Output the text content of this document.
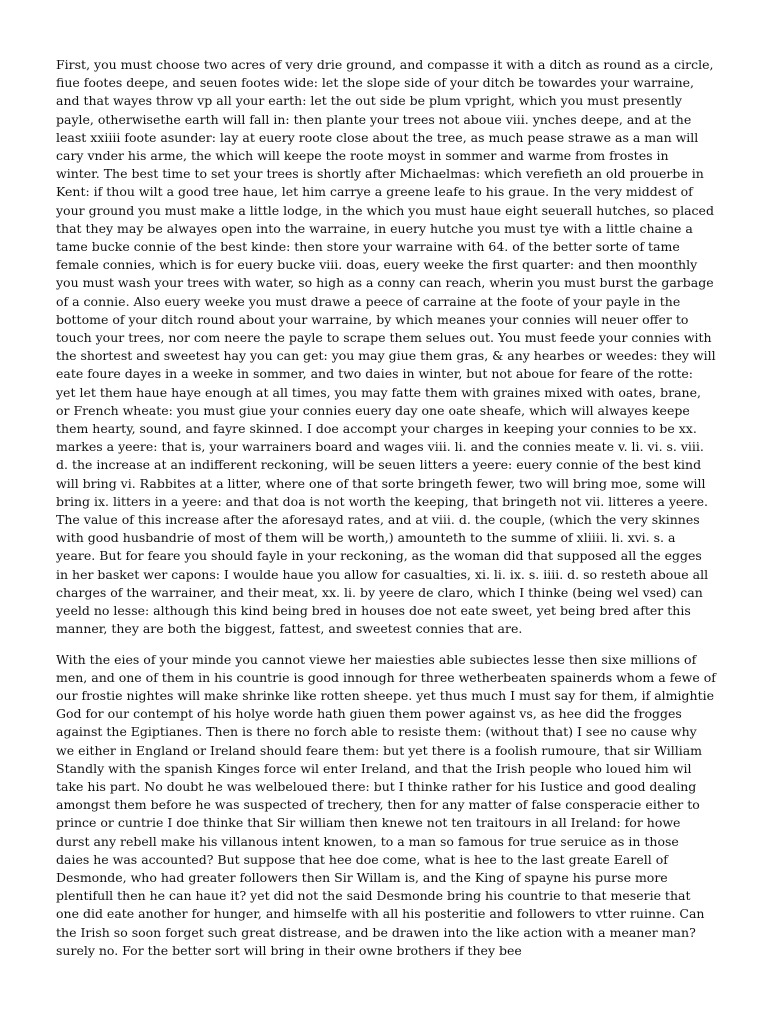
First, you must choose two acres of very drie ground, and compasse it with a ditch as round as a circle, fiue footes deepe, and seuen footes wide: let the slope side of your ditch be towardes your warraine, and that wayes throw vp all your earth: let the out side be plum vpright, which you must presently payle, otherwisethe earth will fall in: then plante your trees not aboue viii. ynches deepe, and at the least xxiiii foote asunder: lay at euery roote close about the tree, as much pease strawe as a man will cary vnder his arme, the which will keepe the roote moyst in sommer and warme from frostes in winter. The best time to set your trees is shortly after Michaelmas: which verefieth an old prouerbe in Kent: if thou wilt a good tree haue, let him carrye a greene leafe to his graue. In the very middest of your ground you must make a little lodge, in the which you must haue eight seuerall hutches, so placed that they may be alwayes open into the warraine, in euery hutche you must tye with a little chaine a tame bucke connie of the best kinde: then store your warraine with 64. of the better sorte of tame female connies, which is for euery bucke viii. doas, euery weeke the first quarter: and then moonthly you must wash your trees with water, so high as a conny can reach, wherin you must burst the garbage of a connie. Also euery weeke you must drawe a peece of carraine at the foote of your payle in the bottome of your ditch round about your warraine, by which meanes your connies will neuer offer to touch your trees, nor com neere the payle to scrape them selues out. You must feede your connies with the shortest and sweetest hay you can get: you may giue them gras, & any hearbes or weedes: they will eate foure dayes in a weeke in sommer, and two daies in winter, but not aboue for feare of the rotte: yet let them haue haye enough at all times, you may fatte them with graines mixed with oates, brane, or French wheate: you must giue your connies euery day one oate sheafe, which will alwayes keepe them hearty, sound, and fayre skinned. I doe accompt your charges in keeping your connies to be xx. markes a yeere: that is, your warrainers board and wages viii. li. and the connies meate v. li. vi. s. viii. d. the increase at an indifferent reckoning, will be seuen litters a yeere: euery connie of the best kind will bring vi. Rabbites at a litter, where one of that sorte bringeth fewer, two will bring moe, some will bring ix. litters in a yeere: and that doa is not worth the keeping, that bringeth not vii. litteres a yeere. The value of this increase after the aforesayd rates, and at viii. d. the couple, (which the very skinnes with good husbandrie of most of them will be worth,) amounteth to the summe of xliiii. li. xvi. s. a yeare. But for feare you should fayle in your reckoning, as the woman did that supposed all the egges in her basket wer capons: I woulde haue you allow for casualties, xi. li. ix. s. iiii. d. so resteth aboue all charges of the warrainer, and their meat, xx. li. by yeere de claro, which I thinke (being wel vsed) can yeeld no lesse: although this kind being bred in houses doe not eate sweet, yet being bred after this manner, they are both the biggest, fattest, and sweetest connies that are.

With the eies of your minde you cannot viewe her maiesties able subiectes lesse then sixe millions of men, and one of them in his countrie is good innough for three wetherbeaten spainerds whom a fewe of our frostie nightes will make shrinke like rotten sheepe. yet thus much I must say for them, if almightie God for our contempt of his holye worde hath giuen them power against vs, as hee did the frogges against the Egiptianes. Then is there no forch able to resiste them: (without that) I see no cause why we either in England or Ireland should feare them: but yet there is a foolish rumoure, that sir William Standly with the spanish Kinges force wil enter Ireland, and that the Irish people who loued him wil take his part. No doubt he was welbeloued there: but I thinke rather for his Iustice and good dealing amongst them before he was suspected of trechery, then for any matter of false consperacie either to prince or cuntrie I doe thinke that Sir william then knewe not ten traitours in all Ireland: for howe durst any rebell make his villanous intent knowen, to a man so famous for true seruice as in those daies he was accounted? But suppose that hee doe come, what is hee to the last greate Earell of Desmonde, who had greater followers then Sir Willam is, and the King of spayne his purse more plentifull then he can haue it? yet did not the said Desmonde bring his countrie to that meserie that one did eate another for hunger, and himselfe with all his posteritie and followers to vtter ruinne. Can the Irish so soon forget such great distrease, and be drawen into the like action with a meaner man? surely no. For the better sort will bring in their owne brothers if they bee
